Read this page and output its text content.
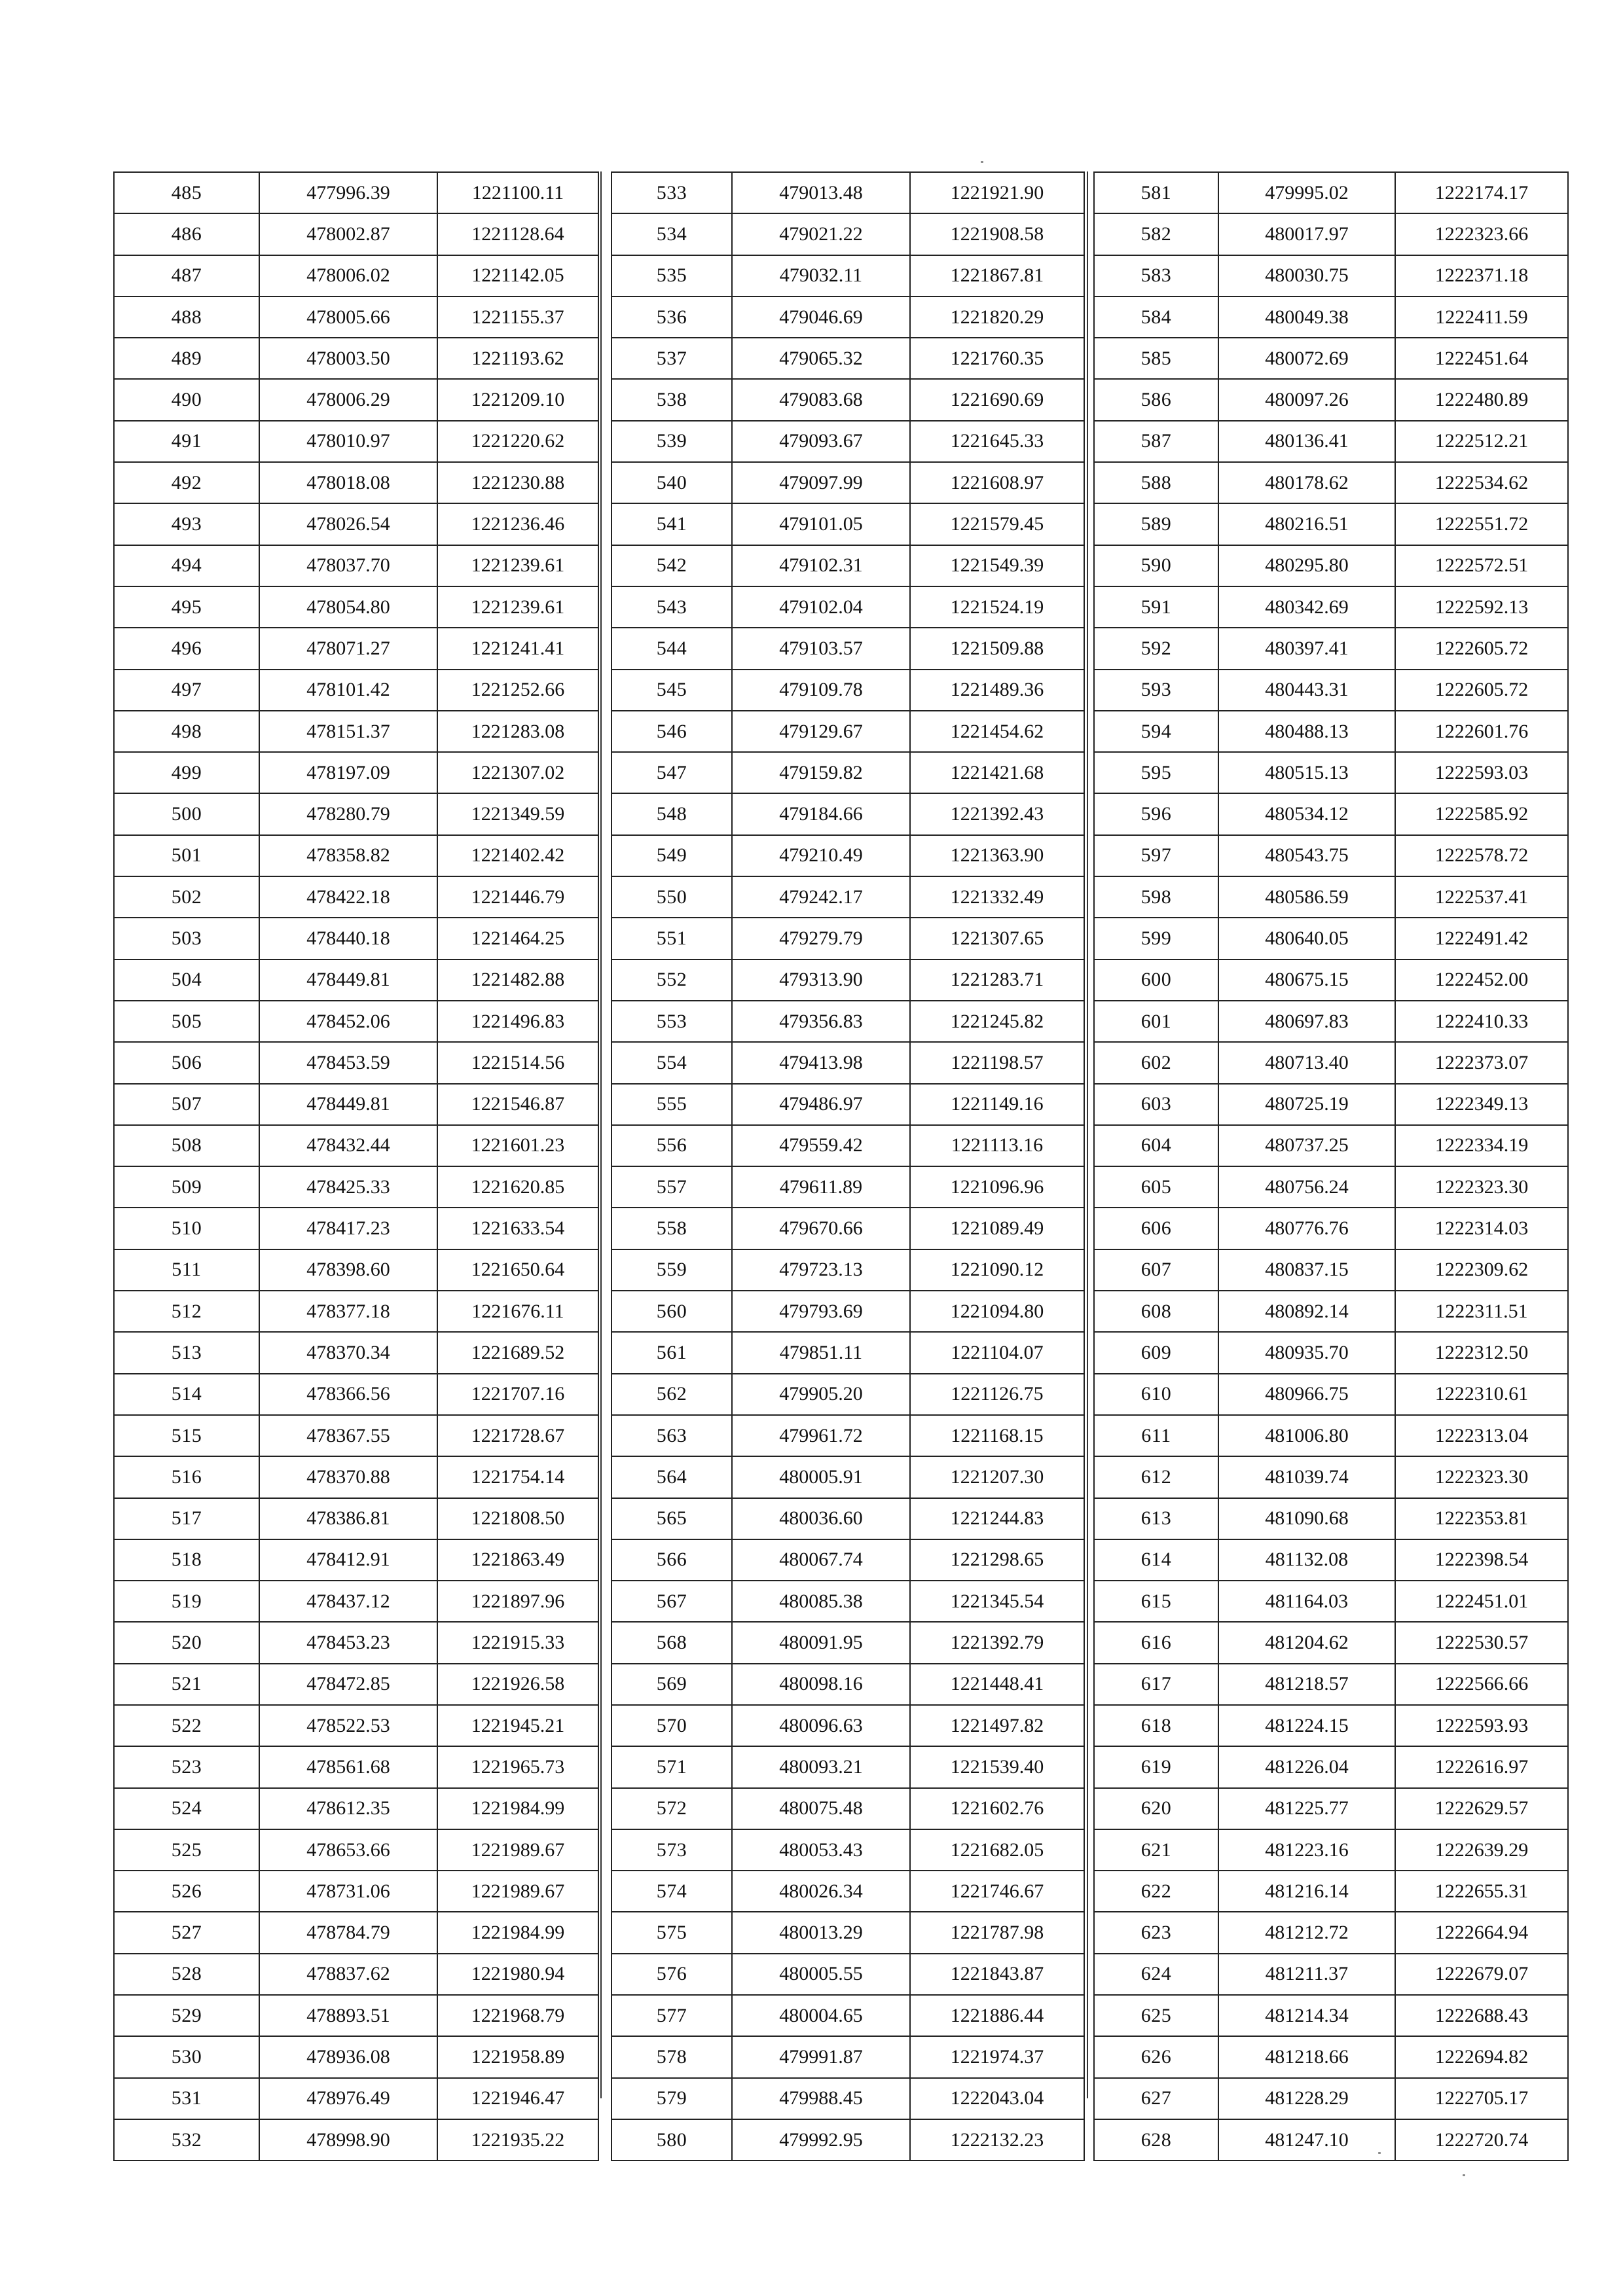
485	477996.39	1221100.11
486	478002.87	1221128.64
487	478006.02	1221142.05
488	478005.66	1221155.37
489	478003.50	1221193.62
490	478006.29	1221209.10
491	478010.97	1221220.62
492	478018.08	1221230.88
493	478026.54	1221236.46
494	478037.70	1221239.61
495	478054.80	1221239.61
496	478071.27	1221241.41
497	478101.42	1221252.66
498	478151.37	1221283.08
499	478197.09	1221307.02
500	478280.79	1221349.59
501	478358.82	1221402.42
502	478422.18	1221446.79
503	478440.18	1221464.25
504	478449.81	1221482.88
505	478452.06	1221496.83
506	478453.59	1221514.56
507	478449.81	1221546.87
508	478432.44	1221601.23
509	478425.33	1221620.85
510	478417.23	1221633.54
511	478398.60	1221650.64
512	478377.18	1221676.11
513	478370.34	1221689.52
514	478366.56	1221707.16
515	478367.55	1221728.67
516	478370.88	1221754.14
517	478386.81	1221808.50
518	478412.91	1221863.49
519	478437.12	1221897.96
520	478453.23	1221915.33
521	478472.85	1221926.58
522	478522.53	1221945.21
523	478561.68	1221965.73
524	478612.35	1221984.99
525	478653.66	1221989.67
526	478731.06	1221989.67
527	478784.79	1221984.99
528	478837.62	1221980.94
529	478893.51	1221968.79
530	478936.08	1221958.89
531	478976.49	1221946.47
532	478998.90	1221935.22
533	479013.48	1221921.90
534	479021.22	1221908.58
535	479032.11	1221867.81
536	479046.69	1221820.29
537	479065.32	1221760.35
538	479083.68	1221690.69
539	479093.67	1221645.33
540	479097.99	1221608.97
541	479101.05	1221579.45
542	479102.31	1221549.39
543	479102.04	1221524.19
544	479103.57	1221509.88
545	479109.78	1221489.36
546	479129.67	1221454.62
547	479159.82	1221421.68
548	479184.66	1221392.43
549	479210.49	1221363.90
550	479242.17	1221332.49
551	479279.79	1221307.65
552	479313.90	1221283.71
553	479356.83	1221245.82
554	479413.98	1221198.57
555	479486.97	1221149.16
556	479559.42	1221113.16
557	479611.89	1221096.96
558	479670.66	1221089.49
559	479723.13	1221090.12
560	479793.69	1221094.80
561	479851.11	1221104.07
562	479905.20	1221126.75
563	479961.72	1221168.15
564	480005.91	1221207.30
565	480036.60	1221244.83
566	480067.74	1221298.65
567	480085.38	1221345.54
568	480091.95	1221392.79
569	480098.16	1221448.41
570	480096.63	1221497.82
571	480093.21	1221539.40
572	480075.48	1221602.76
573	480053.43	1221682.05
574	480026.34	1221746.67
575	480013.29	1221787.98
576	480005.55	1221843.87
577	480004.65	1221886.44
578	479991.87	1221974.37
579	479988.45	1222043.04
580	479992.95	1222132.23
581	479995.02	1222174.17
582	480017.97	1222323.66
583	480030.75	1222371.18
584	480049.38	1222411.59
585	480072.69	1222451.64
586	480097.26	1222480.89
587	480136.41	1222512.21
588	480178.62	1222534.62
589	480216.51	1222551.72
590	480295.80	1222572.51
591	480342.69	1222592.13
592	480397.41	1222605.72
593	480443.31	1222605.72
594	480488.13	1222601.76
595	480515.13	1222593.03
596	480534.12	1222585.92
597	480543.75	1222578.72
598	480586.59	1222537.41
599	480640.05	1222491.42
600	480675.15	1222452.00
601	480697.83	1222410.33
602	480713.40	1222373.07
603	480725.19	1222349.13
604	480737.25	1222334.19
605	480756.24	1222323.30
606	480776.76	1222314.03
607	480837.15	1222309.62
608	480892.14	1222311.51
609	480935.70	1222312.50
610	480966.75	1222310.61
611	481006.80	1222313.04
612	481039.74	1222323.30
613	481090.68	1222353.81
614	481132.08	1222398.54
615	481164.03	1222451.01
616	481204.62	1222530.57
617	481218.57	1222566.66
618	481224.15	1222593.93
619	481226.04	1222616.97
620	481225.77	1222629.57
621	481223.16	1222639.29
622	481216.14	1222655.31
623	481212.72	1222664.94
624	481211.37	1222679.07
625	481214.34	1222688.43
626	481218.66	1222694.82
627	481228.29	1222705.17
628	481247.10	1222720.74
